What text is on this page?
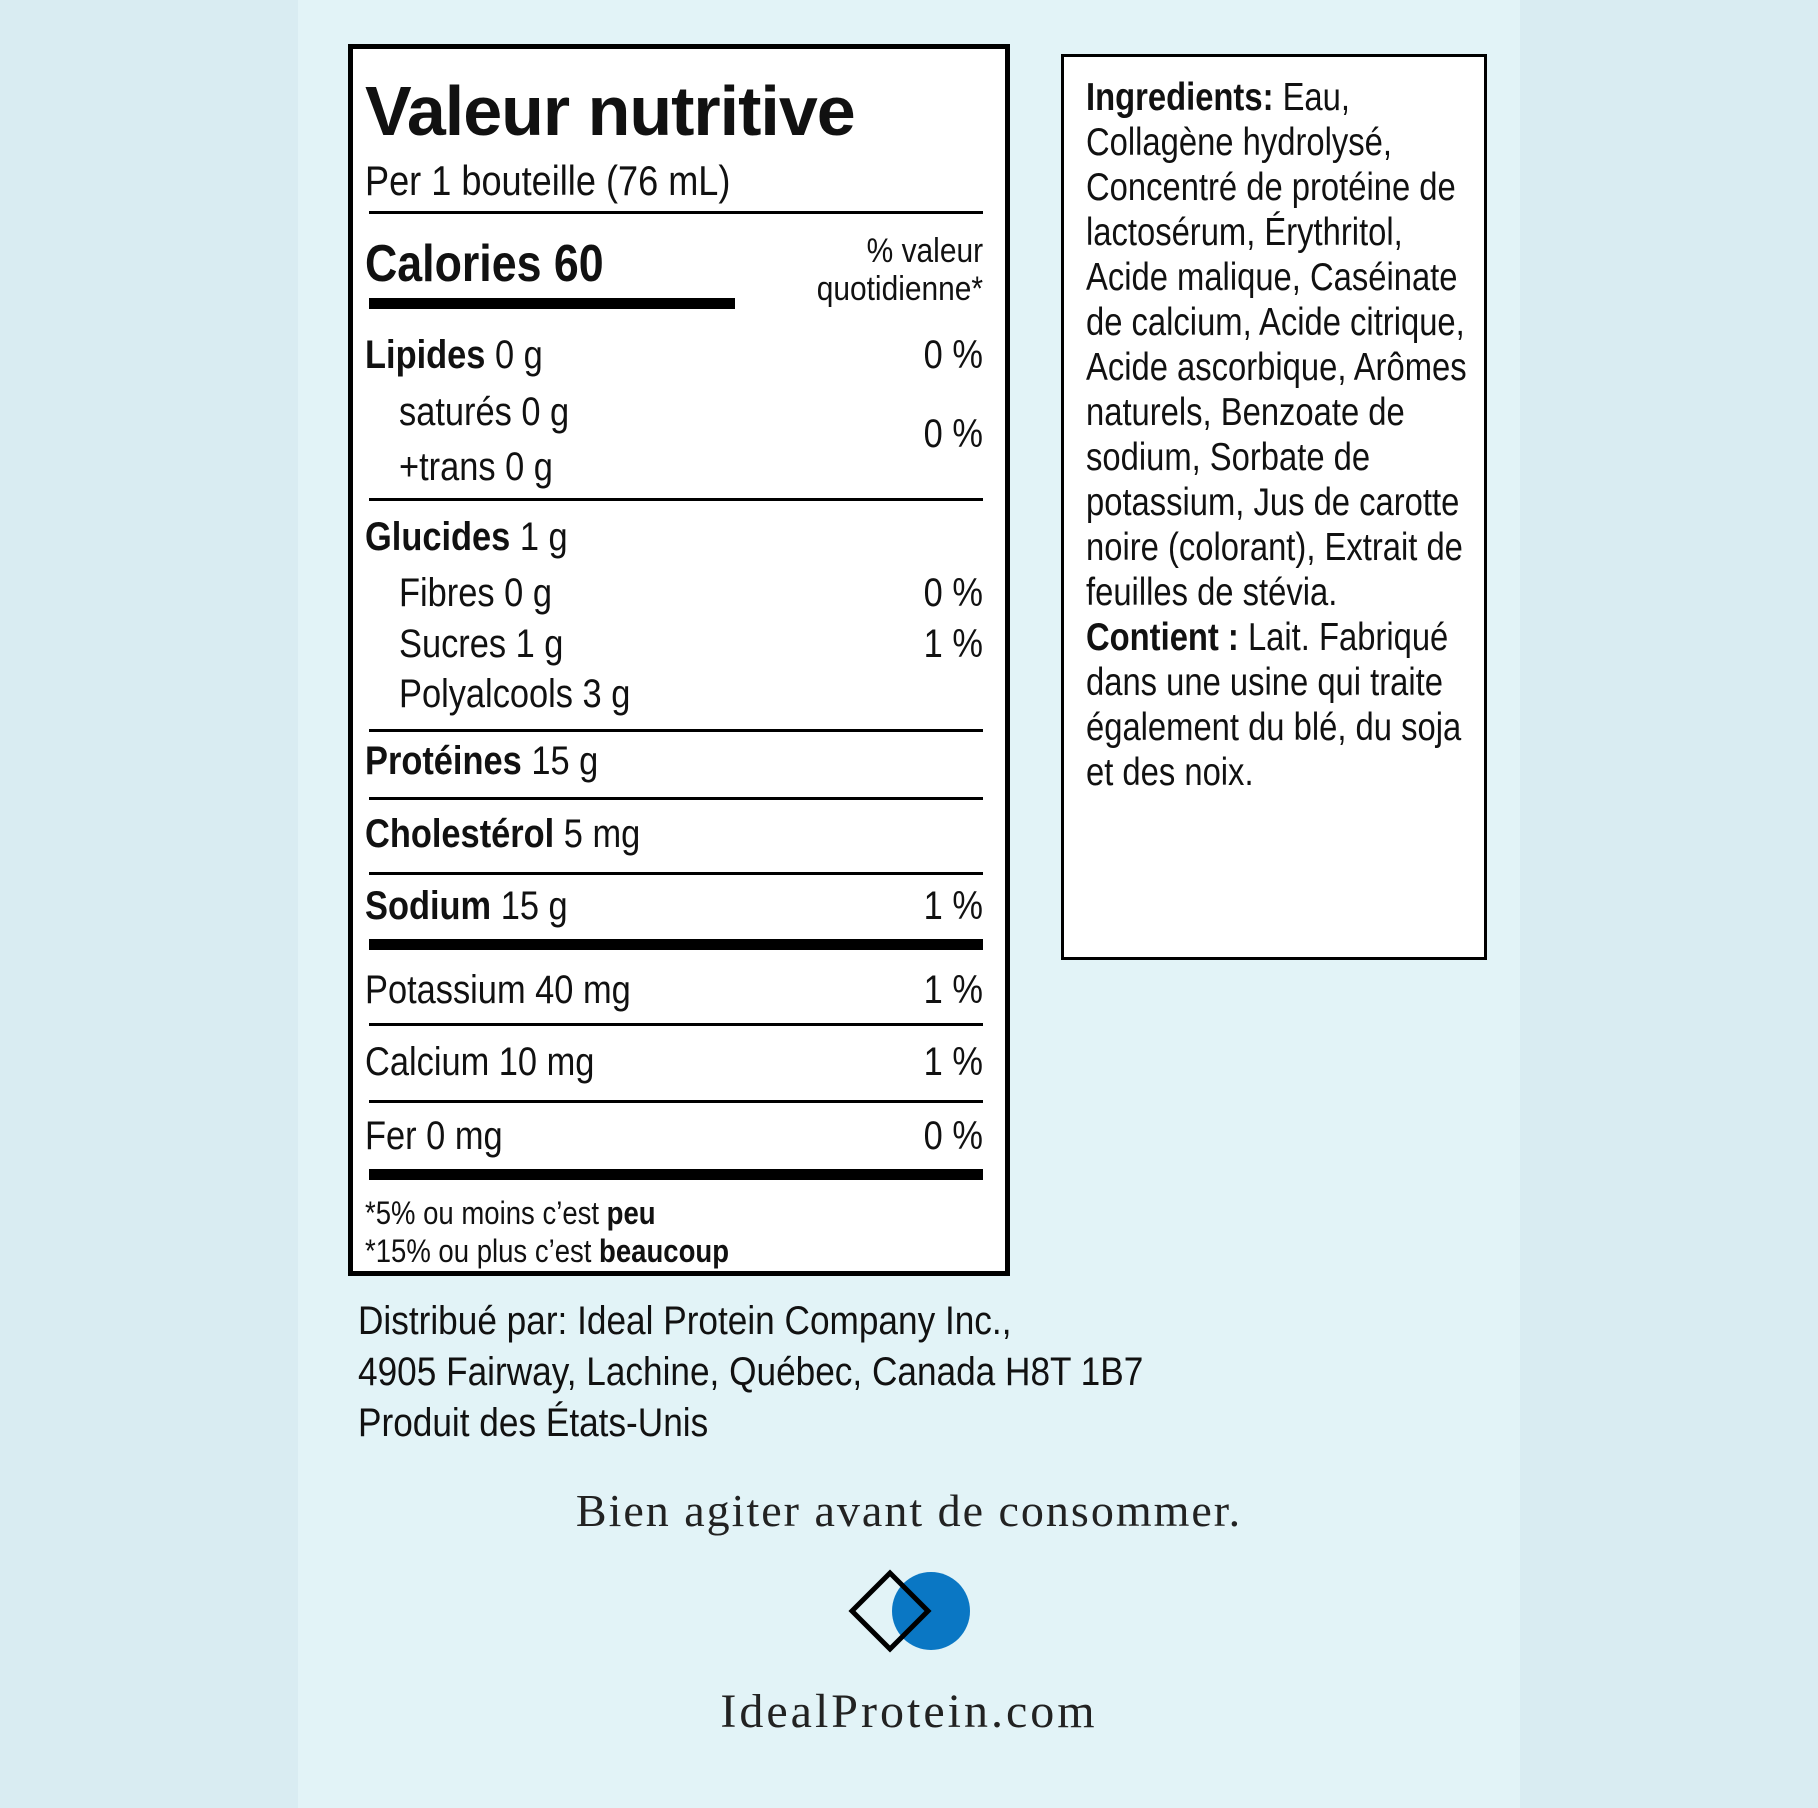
Valeur nutritive
Per 1 bouteille (76 mL)
Calories 60	% valeur
quotidienne*
Lipides 0 g	0 %
saturés 0 g	0 %
+trans 0 g
Glucides 1 g
Fibres 0 g	0 %
Sucres 1 g	1 %
Polyalcools 3 g
Protéines 15 g
Cholestérol 5 mg
Sodium 15 g	1 %
Potassium 40 mg	1 %
Calcium 10 mg	1 %
Fer 0 mg	0 %
*5% ou moins c’est peu
*15% ou plus c’est beaucoup
Ingredients: Eau, Collagène hydrolysé, Concentré de protéine de lactosérum, Érythritol, Acide malique, Caséinate de calcium, Acide citrique, Acide ascorbique, Arômes naturels, Benzoate de sodium, Sorbate de potassium, Jus de carotte noire (colorant), Extrait de feuilles de stévia. Contient : Lait. Fabriqué dans une usine qui traite également du blé, du soja et des noix.
Distribué par: Ideal Protein Company Inc.,
4905 Fairway, Lachine, Québec, Canada H8T 1B7
Produit des États-Unis
Bien agiter avant de consommer.
IdealProtein.com
